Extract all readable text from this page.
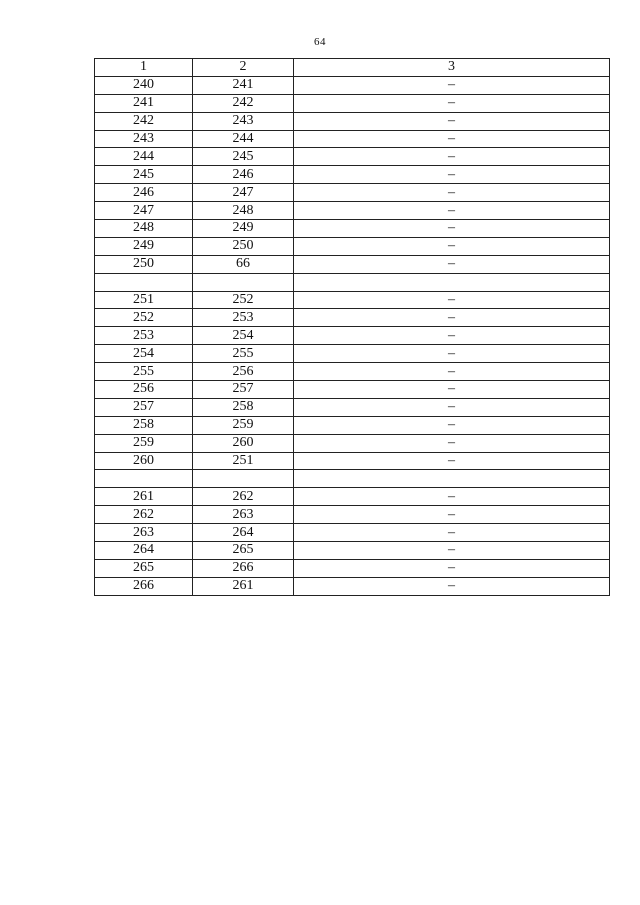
64
1	2	3
240	241	–
241	242	–
242	243	–
243	244	–
244	245	–
245	246	–
246	247	–
247	248	–
248	249	–
249	250	–
250	66	–

251	252	–
252	253	–
253	254	–
254	255	–
255	256	–
256	257	–
257	258	–
258	259	–
259	260	–
260	251	–

261	262	–
262	263	–
263	264	–
264	265	–
265	266	–
266	261	–
